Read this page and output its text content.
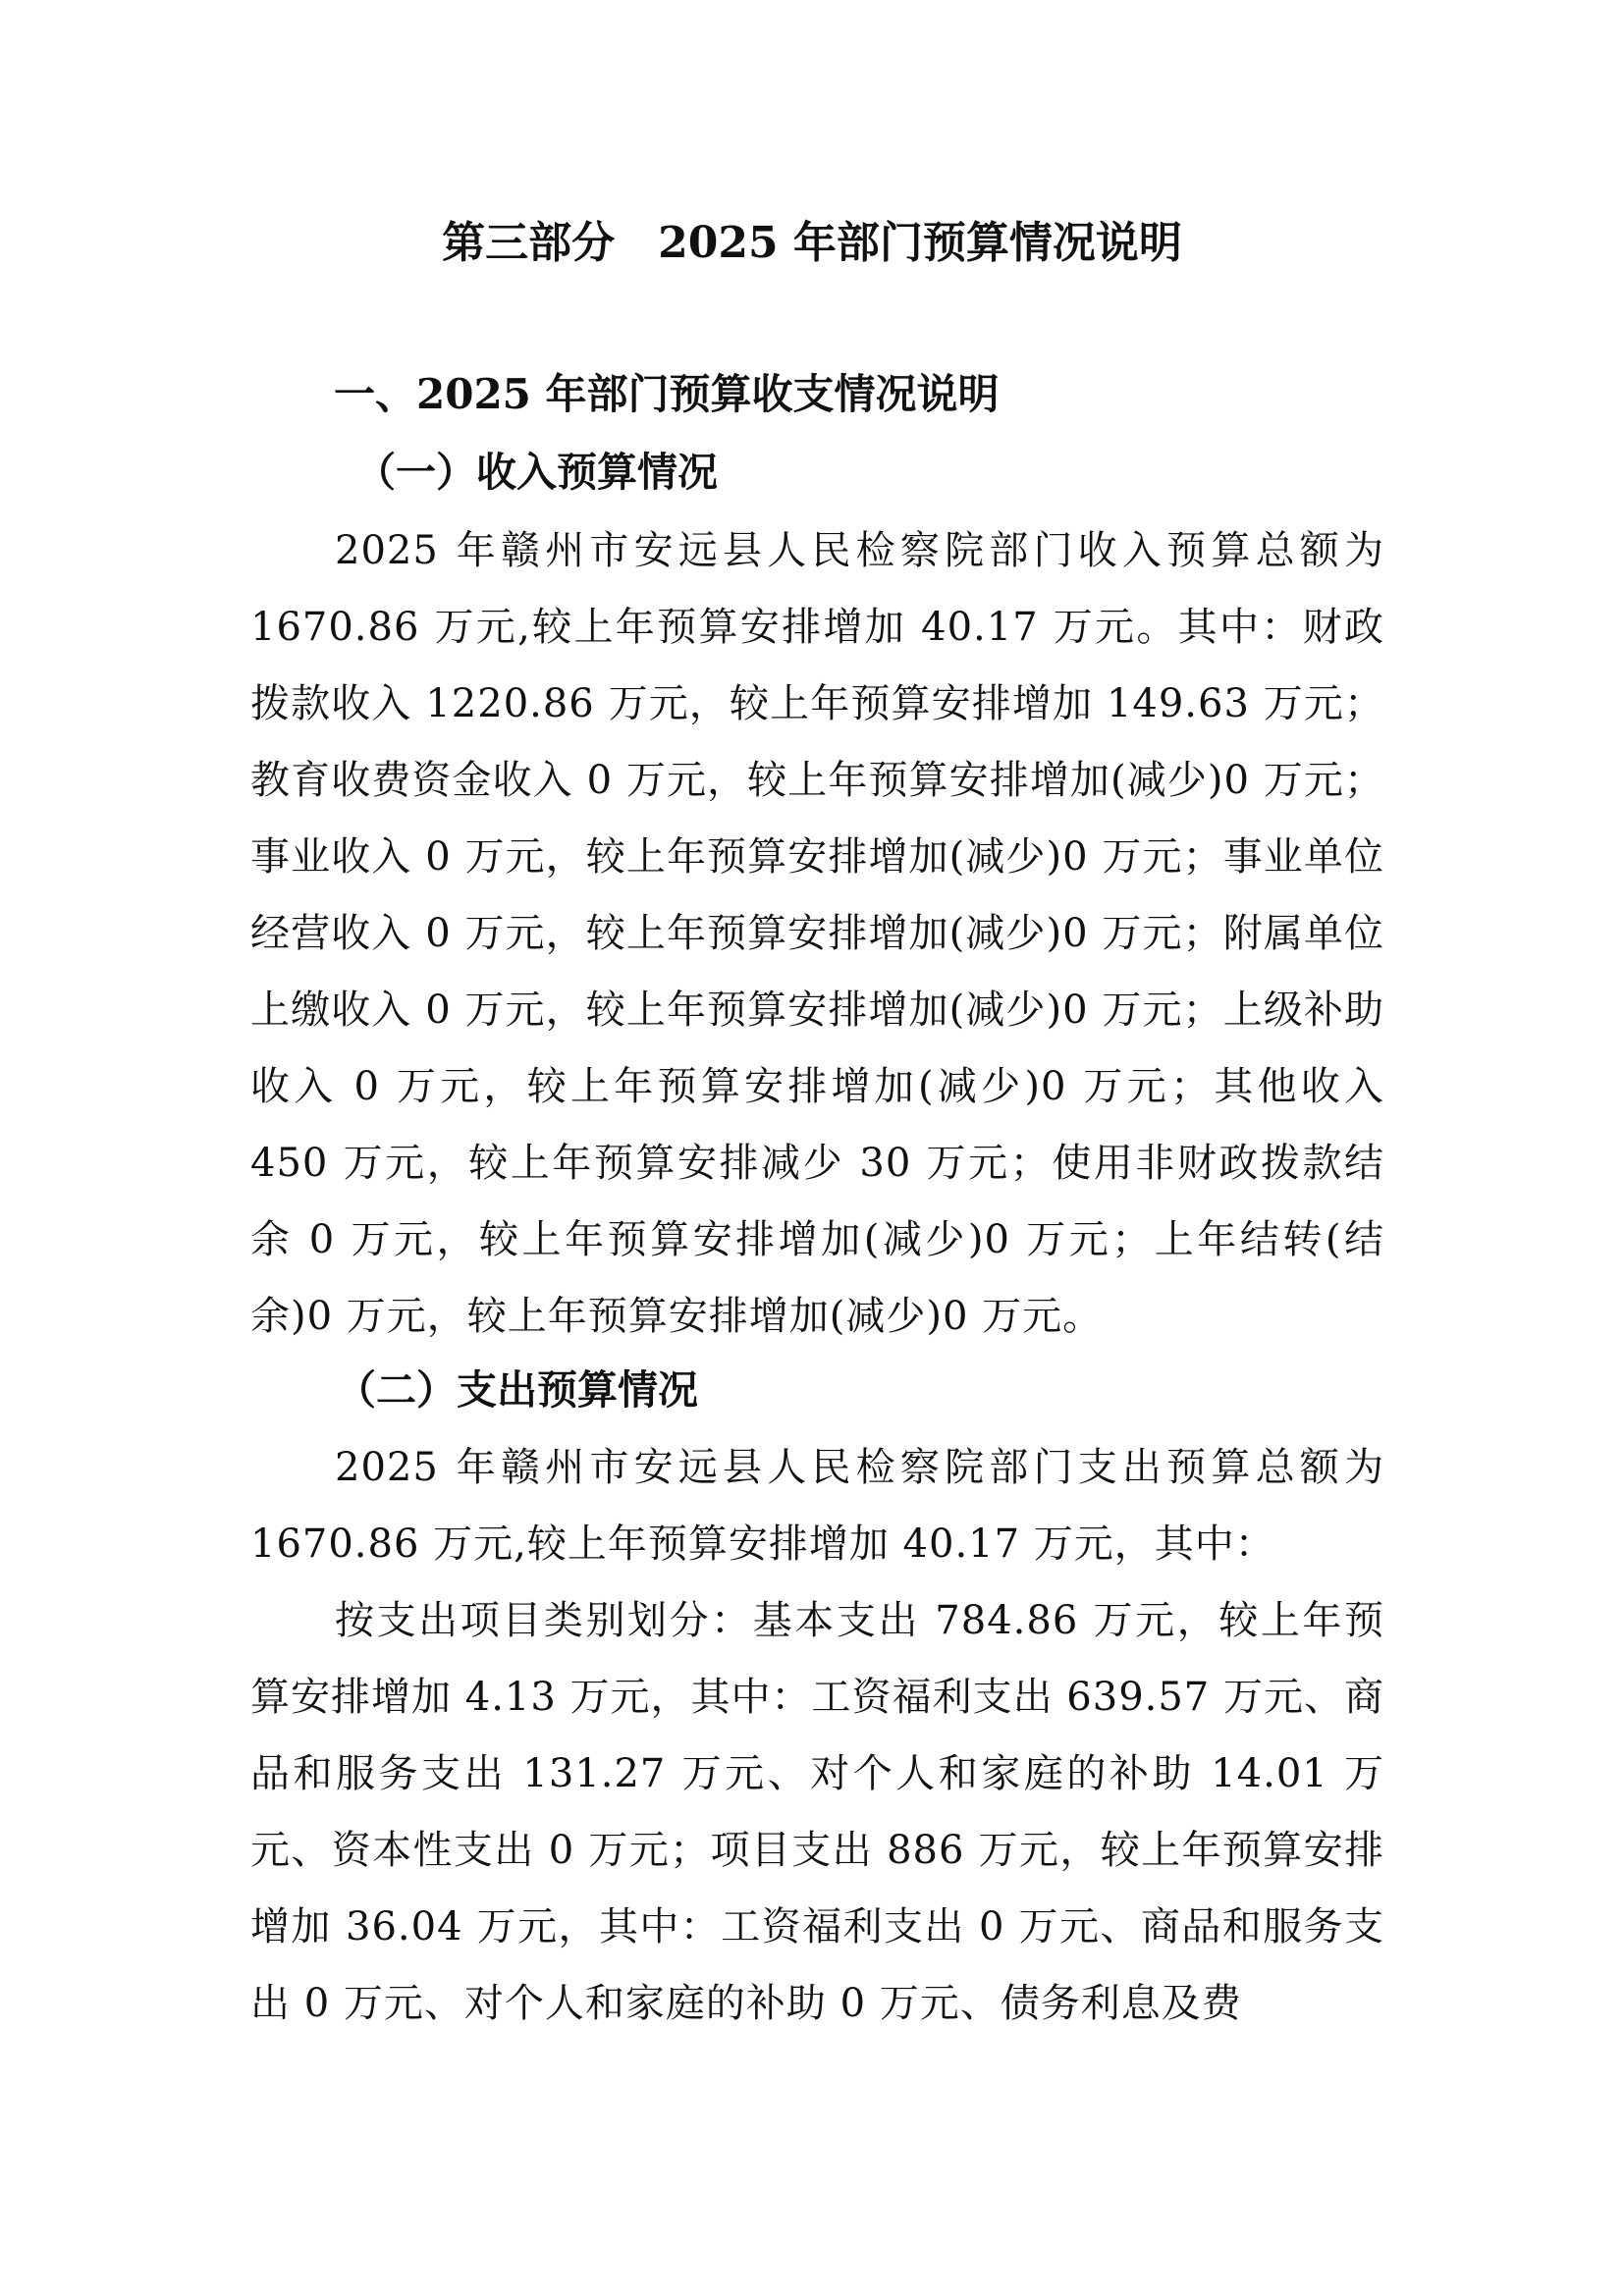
第三部分　2025 年部门预算情况说明
一、2025 年部门预算收支情况说明
（一）收入预算情况

2025 年赣州市安远县人民检察院部门收入预算总额为 1670.86 万元,较上年预算安排增加 40.17 万元。其中：财政拨款收入 1220.86 万元，较上年预算安排增加 149.63 万元；教育收费资金收入 0 万元，较上年预算安排增加(减少)0 万元；事业收入 0 万元，较上年预算安排增加(减少)0 万元；事业单位经营收入 0 万元，较上年预算安排增加(减少)0 万元；附属单位上缴收入 0 万元，较上年预算安排增加(减少)0 万元；上级补助收入 0 万元，较上年预算安排增加(减少)0 万元；其他收入 450 万元，较上年预算安排减少 30 万元；使用非财政拨款结余 0 万元，较上年预算安排增加(减少)0 万元；上年结转(结余)0 万元，较上年预算安排增加(减少)0 万元。

（二）支出预算情况

2025 年赣州市安远县人民检察院部门支出预算总额为 1670.86 万元,较上年预算安排增加 40.17 万元，其中：

按支出项目类别划分：基本支出 784.86 万元，较上年预算安排增加 4.13 万元，其中：工资福利支出 639.57 万元、商品和服务支出 131.27 万元、对个人和家庭的补助 14.01 万元、资本性支出 0 万元；项目支出 886 万元，较上年预算安排增加 36.04 万元，其中：工资福利支出 0 万元、商品和服务支出 0 万元、对个人和家庭的补助 0 万元、债务利息及费
